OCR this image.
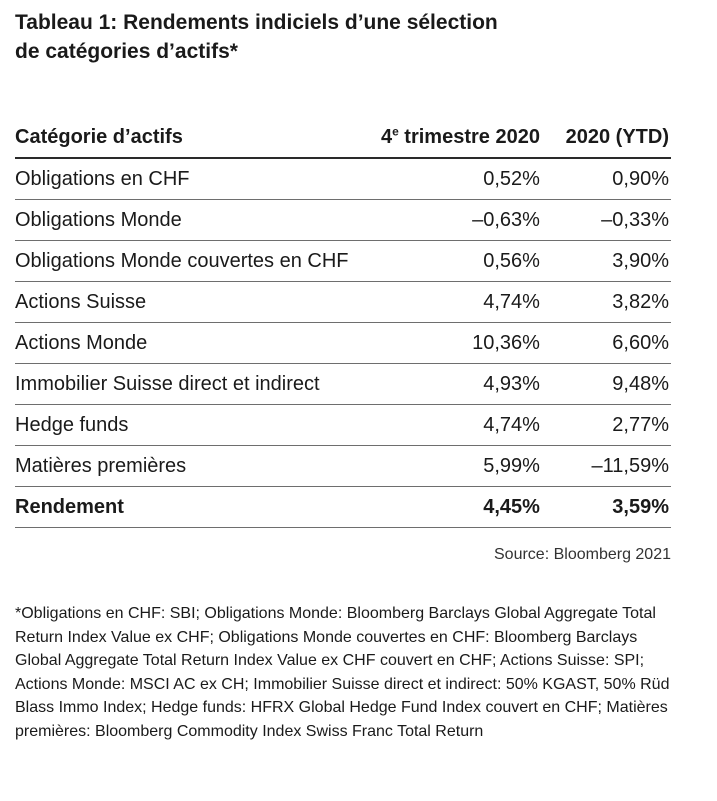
Tableau 1: Rendements indiciels d’une sélection
de catégories d’actifs*
Catégorie d’actifs	4e trimestre 2020	2020 (YTD)
Obligations en CHF	0,52%	0,90%
Obligations Monde	–0,63%	–0,33%
Obligations Monde couvertes en CHF	0,56%	3,90%
Actions Suisse	4,74%	3,82%
Actions Monde	10,36%	6,60%
Immobilier Suisse direct et indirect	4,93%	9,48%
Hedge funds	4,74%	2,77%
Matières premières	5,99%	–11,59%
Rendement	4,45%	3,59%
Source: Bloomberg 2021

*Obligations en CHF: SBI; Obligations Monde: Bloomberg Barclays Global Aggregate Total Return Index Value ex CHF; Obligations Monde couvertes en CHF: Bloomberg Barclays Global Aggregate Total Return Index Value ex CHF couvert en CHF; Actions Suisse: SPI; Actions Monde: MSCI AC ex CH; Immobilier Suisse direct et indirect: 50% KGAST, 50% Rüd Blass Immo Index; Hedge funds: HFRX Global Hedge Fund Index couvert en CHF; Matières premières: Bloomberg Commodity Index Swiss Franc Total Return
